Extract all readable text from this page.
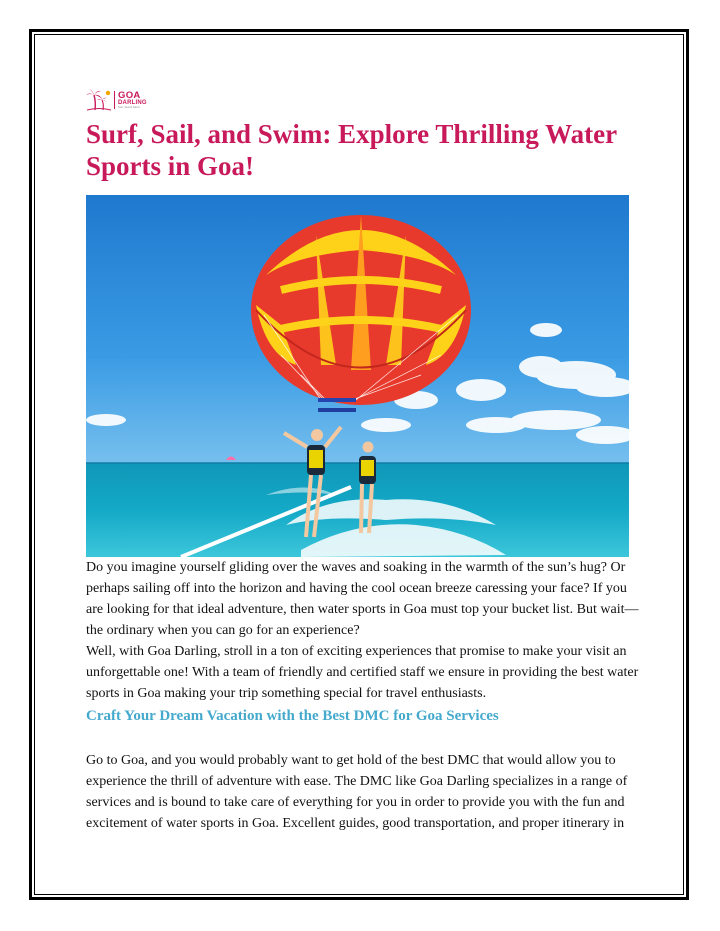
GOA
DARLING
Sun, Sea & Sand
Surf, Sail, and Swim: Explore Thrilling Water Sports in Goa!

Do you imagine yourself gliding over the waves and soaking in the warmth of the sun’s hug? Or perhaps sailing off into the horizon and having the cool ocean breeze caressing your face? If you are looking for that ideal adventure, then water sports in Goa must top your bucket list. But wait—the ordinary when you can go for an experience?

Well, with Goa Darling, stroll in a ton of exciting experiences that promise to make your visit an unforgettable one! With a team of friendly and certified staff we ensure in providing the best water sports in Goa making your trip something special for travel enthusiasts.

Craft Your Dream Vacation with the Best DMC for Goa Services

Go to Goa, and you would probably want to get hold of the best DMC that would allow you to experience the thrill of adventure with ease. The DMC like Goa Darling specializes in a range of services and is bound to take care of everything for you in order to provide you with the fun and excitement of water sports in Goa. Excellent guides, good transportation, and proper itinerary in
